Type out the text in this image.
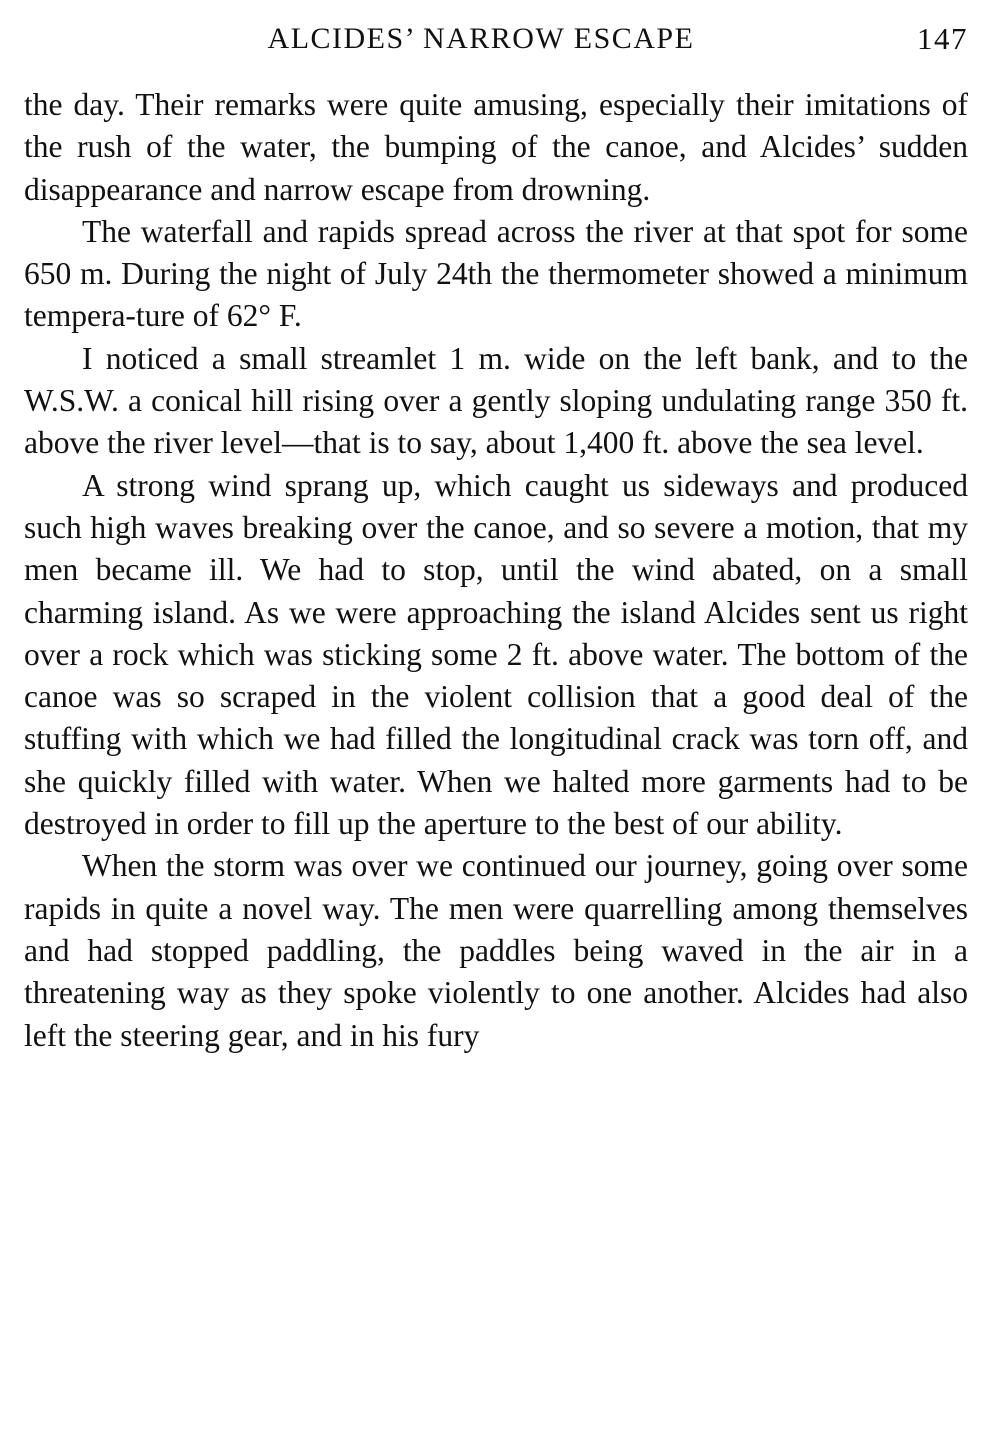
ALCIDES’ NARROW ESCAPE	147

the day. Their remarks were quite amusing, especially their imitations of the rush of the water, the bumping of the canoe, and Alcides’ sudden disappearance and narrow escape from drowning.

The waterfall and rapids spread across the river at that spot for some 650 m. During the night of July 24th the thermometer showed a minimum tempera-ture of 62° F.

I noticed a small streamlet 1 m. wide on the left bank, and to the W.S.W. a conical hill rising over a gently sloping undulating range 350 ft. above the river level—that is to say, about 1,400 ft. above the sea level.

A strong wind sprang up, which caught us sideways and produced such high waves breaking over the canoe, and so severe a motion, that my men became ill. We had to stop, until the wind abated, on a small charming island. As we were approaching the island Alcides sent us right over a rock which was sticking some 2 ft. above water. The bottom of the canoe was so scraped in the violent collision that a good deal of the stuffing with which we had filled the longitudinal crack was torn off, and she quickly filled with water. When we halted more garments had to be destroyed in order to fill up the aperture to the best of our ability.

When the storm was over we continued our journey, going over some rapids in quite a novel way. The men were quarrelling among themselves and had stopped paddling, the paddles being waved in the air in a threatening way as they spoke violently to one another. Alcides had also left the steering gear, and in his fury
